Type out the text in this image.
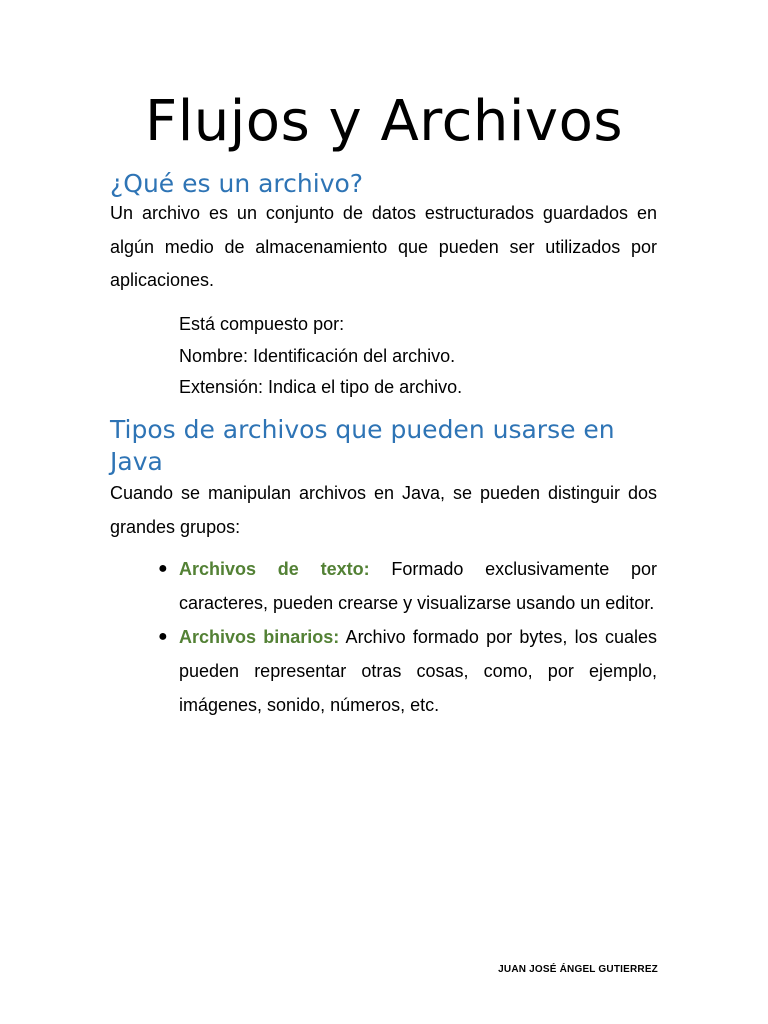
Flujos y Archivos
¿Qué es un archivo?

Un archivo es un conjunto de datos estructurados guardados en algún medio de almacenamiento que pueden ser utilizados por aplicaciones.

Está compuesto por:
Nombre: Identificación del archivo.
Extensión: Indica el tipo de archivo.
Tipos de archivos que pueden usarse en Java

Cuando se manipulan archivos en Java, se pueden distinguir dos grandes grupos:

● Archivos de texto: Formado exclusivamente por caracteres, pueden crearse y visualizarse usando un editor.
● Archivos binarios: Archivo formado por bytes, los cuales pueden representar otras cosas, como, por ejemplo, imágenes, sonido, números, etc.
JUAN JOSÉ ÁNGEL GUTIERREZ
